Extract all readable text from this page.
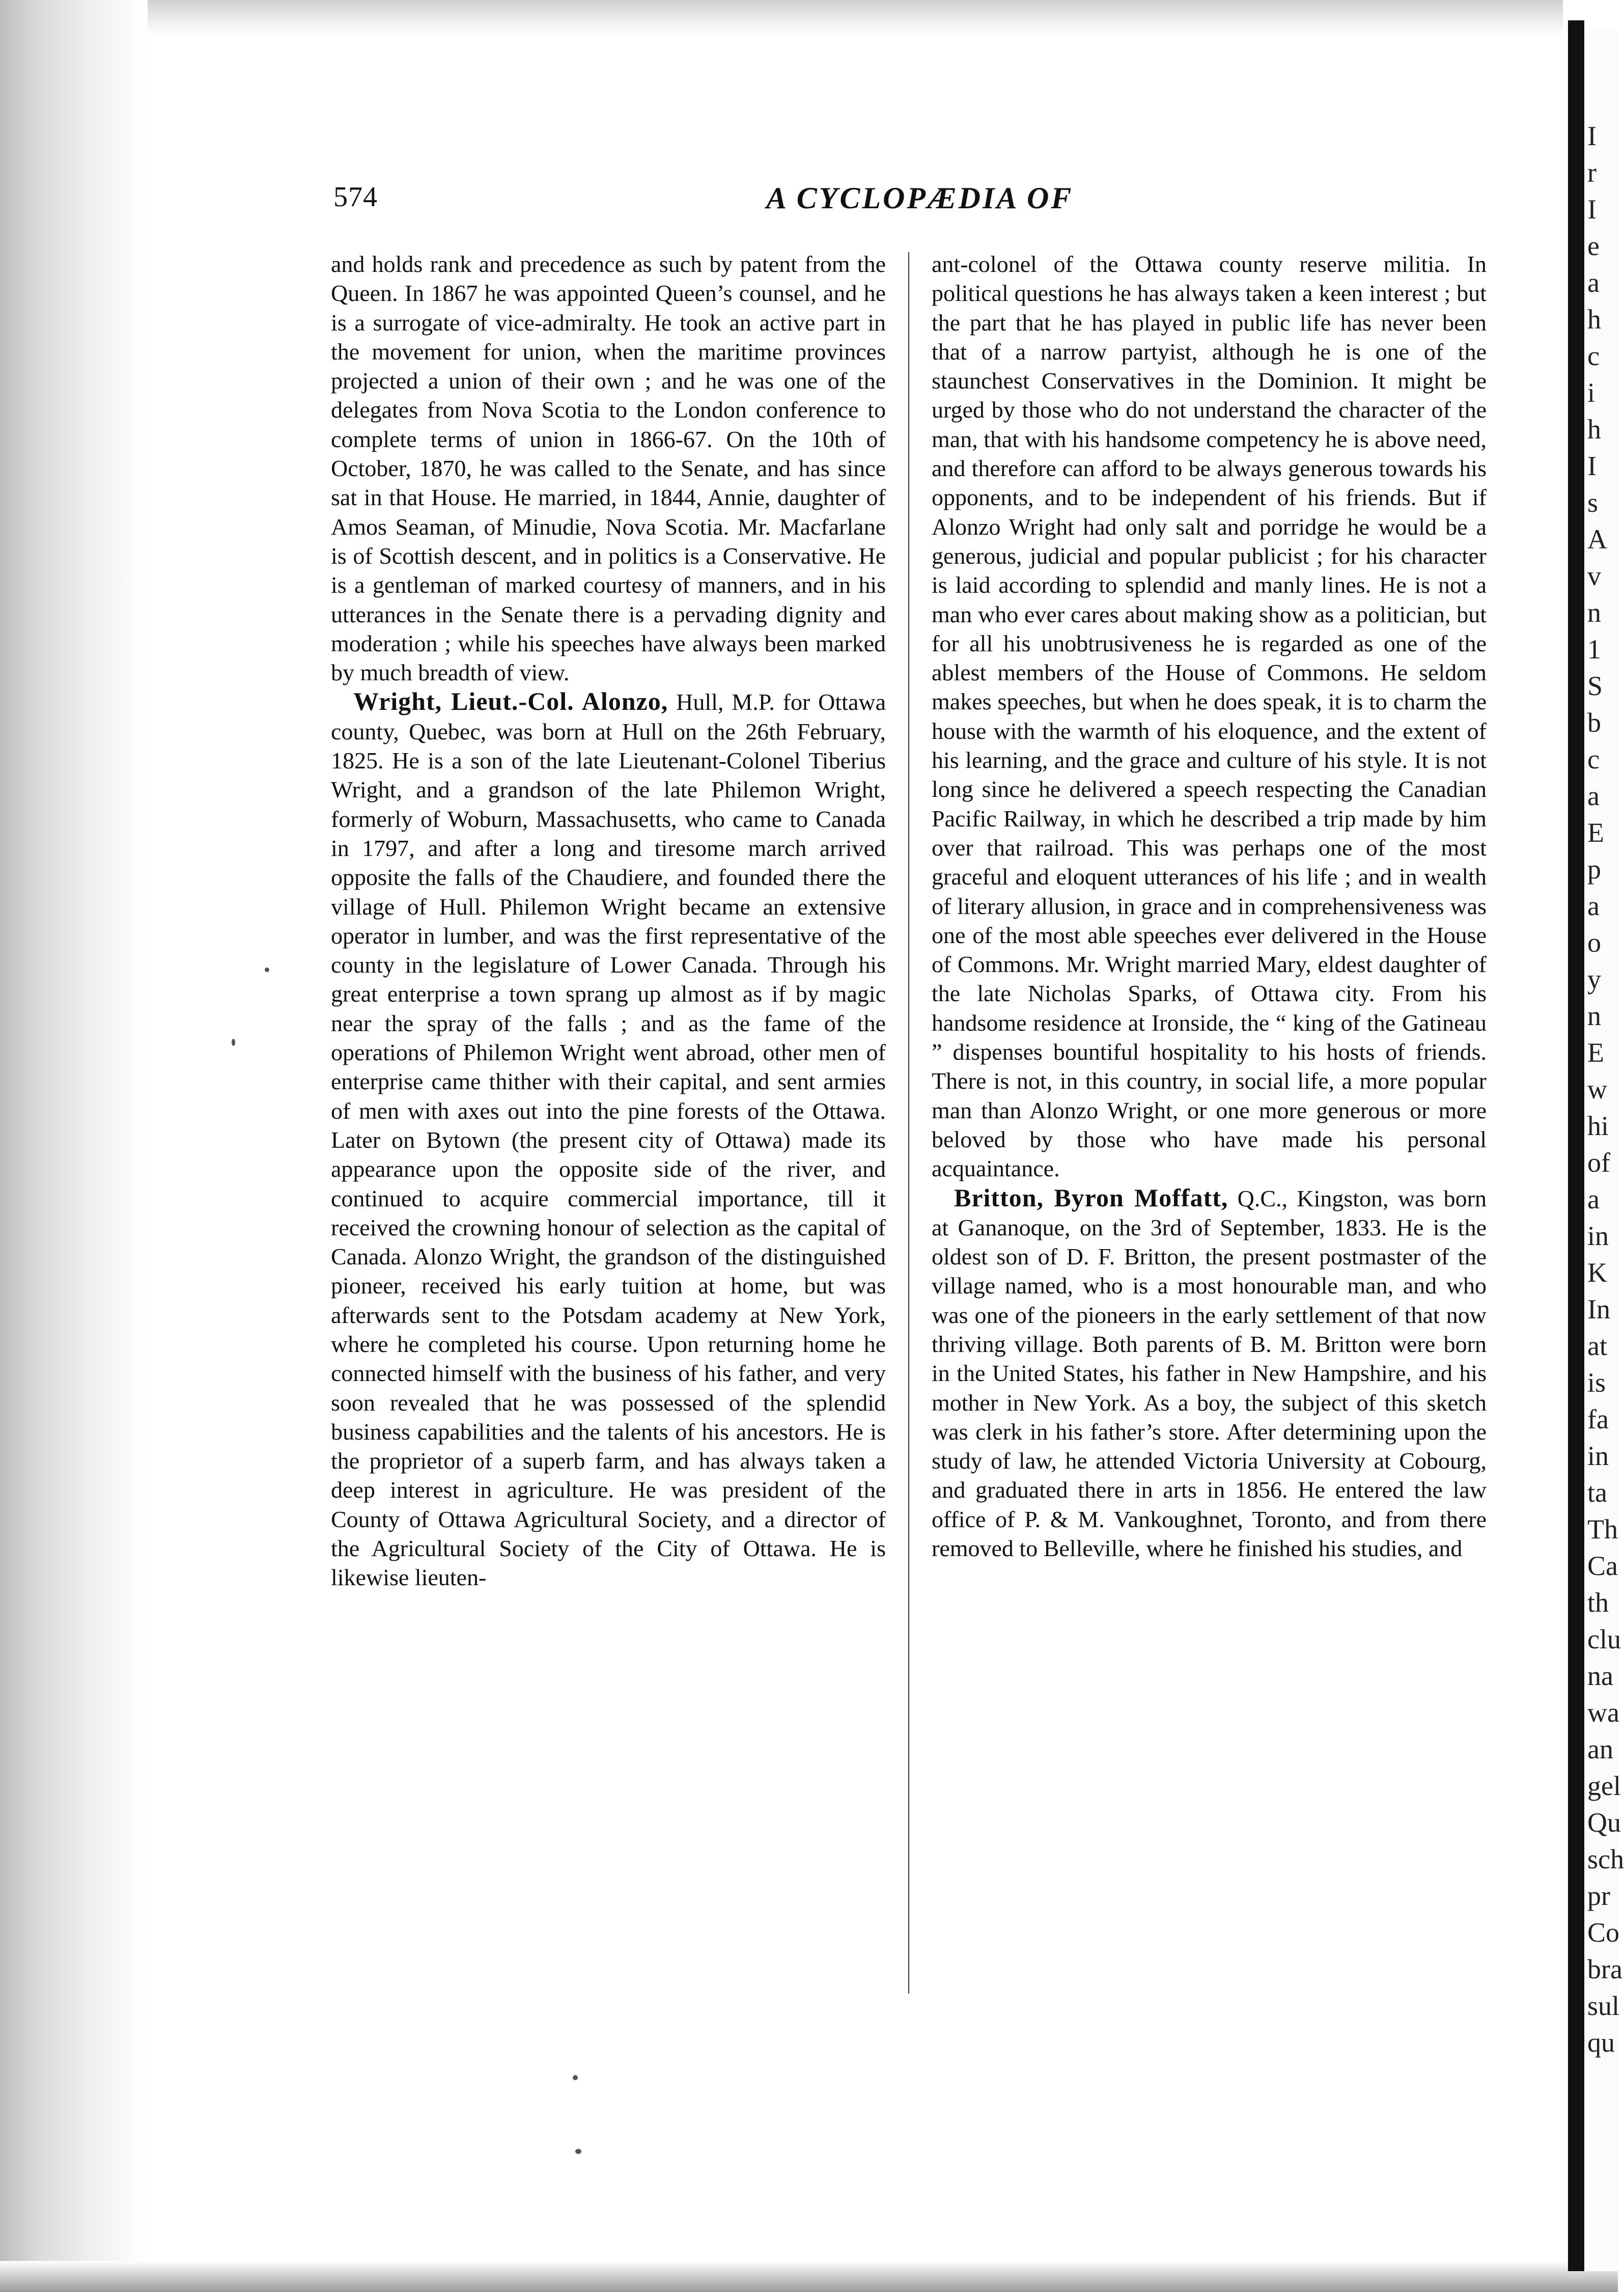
I
r
I
e
a
h
c
i
h
I
s
A
v
n
1
S
b
c
a
E
p
a
o
y
n
E
w
hi
of
a
in
K
In
at
is
fa
in
ta
Th
Ca
th
clu
na
wa
an
gel
Qu
sch
pr
Co
bra
sul
qu
574	A CYCLOPÆDIA OF

and holds rank and precedence as such by patent from the Queen. In 1867 he was appointed Queen’s counsel, and he is a surrogate of vice-admiralty. He took an active part in the movement for union, when the maritime provinces projected a union of their own ; and he was one of the delegates from Nova Scotia to the London conference to complete terms of union in 1866-67. On the 10th of October, 1870, he was called to the Senate, and has since sat in that House. He married, in 1844, Annie, daughter of Amos Seaman, of Minudie, Nova Scotia. Mr. Macfarlane is of Scottish descent, and in politics is a Conservative. He is a gentleman of marked courtesy of manners, and in his utterances in the Senate there is a pervading dignity and moderation ; while his speeches have always been marked by much breadth of view.

Wright, Lieut.-Col. Alonzo, Hull, M.P. for Ottawa county, Quebec, was born at Hull on the 26th February, 1825. He is a son of the late Lieutenant-Colonel Tiberius Wright, and a grandson of the late Philemon Wright, formerly of Woburn, Massachusetts, who came to Canada in 1797, and after a long and tiresome march arrived opposite the falls of the Chaudiere, and founded there the village of Hull. Philemon Wright became an extensive operator in lumber, and was the first representative of the county in the legislature of Lower Canada. Through his great enterprise a town sprang up almost as if by magic near the spray of the falls ; and as the fame of the operations of Philemon Wright went abroad, other men of enterprise came thither with their capital, and sent armies of men with axes out into the pine forests of the Ottawa. Later on Bytown (the present city of Ottawa) made its appearance upon the opposite side of the river, and continued to acquire commercial importance, till it received the crowning honour of selection as the capital of Canada. Alonzo Wright, the grandson of the distinguished pioneer, received his early tuition at home, but was afterwards sent to the Potsdam academy at New York, where he completed his course. Upon returning home he connected himself with the business of his father, and very soon revealed that he was possessed of the splendid business capabilities and the talents of his ancestors. He is the proprietor of a superb farm, and has always taken a deep interest in agriculture. He was president of the County of Ottawa Agricultural Society, and a director of the Agricultural Society of the City of Ottawa. He is likewise lieuten-

ant-colonel of the Ottawa county reserve militia. In political questions he has always taken a keen interest ; but the part that he has played in public life has never been that of a narrow partyist, although he is one of the staunchest Conservatives in the Dominion. It might be urged by those who do not understand the character of the man, that with his handsome competency he is above need, and therefore can afford to be always generous towards his opponents, and to be independent of his friends. But if Alonzo Wright had only salt and porridge he would be a generous, judicial and popular publicist ; for his character is laid according to splendid and manly lines. He is not a man who ever cares about making show as a politician, but for all his unobtrusiveness he is regarded as one of the ablest members of the House of Commons. He seldom makes speeches, but when he does speak, it is to charm the house with the warmth of his eloquence, and the extent of his learning, and the grace and culture of his style. It is not long since he delivered a speech respecting the Canadian Pacific Railway, in which he described a trip made by him over that railroad. This was perhaps one of the most graceful and eloquent utterances of his life ; and in wealth of literary allusion, in grace and in comprehensiveness was one of the most able speeches ever delivered in the House of Commons. Mr. Wright married Mary, eldest daughter of the late Nicholas Sparks, of Ottawa city. From his handsome residence at Ironside, the “ king of the Gatineau ” dispenses bountiful hospitality to his hosts of friends. There is not, in this country, in social life, a more popular man than Alonzo Wright, or one more generous or more beloved by those who have made his personal acquaintance.

Britton, Byron Moffatt, Q.C., Kingston, was born at Gananoque, on the 3rd of September, 1833. He is the oldest son of D. F. Britton, the present postmaster of the village named, who is a most honourable man, and who was one of the pioneers in the early settlement of that now thriving village. Both parents of B. M. Britton were born in the United States, his father in New Hampshire, and his mother in New York. As a boy, the subject of this sketch was clerk in his father’s store. After determining upon the study of law, he attended Victoria University at Cobourg, and graduated there in arts in 1856. He entered the law office of P. & M. Vankoughnet, Toronto, and from there removed to Belleville, where he finished his studies, and
